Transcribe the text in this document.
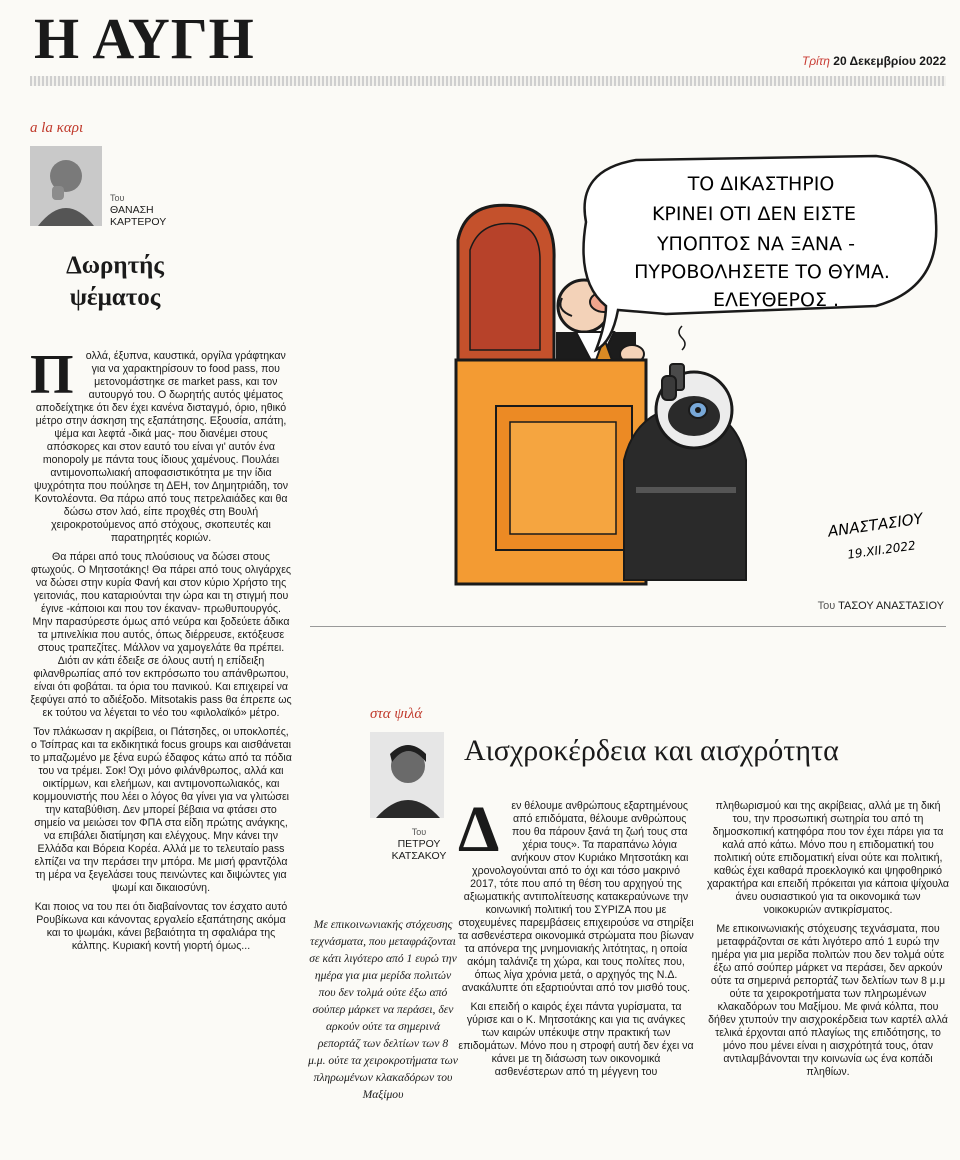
Η ΑΥΓΗ	Τρίτη 20 Δεκεμβρίου 2022
a la καρι
Του
ΘΑΝΑΣΗ
ΚΑΡΤΕΡΟΥ
Δωρητής
ψέματος

Π ολλά, έξυπνα, καυστικά, οργίλα γράφτηκαν για να χαρακτηρίσουν το food pass, που μετονομάστηκε σε market pass, και τον αυτουργό του. Ο δωρητής αυτός ψέματος αποδείχτηκε ότι δεν έχει κανένα δισταγμό, όριο, ηθικό μέτρο στην άσκηση της εξαπάτησης. Εξουσία, απάτη, ψέμα και λεφτά -δικά μας- που διανέμει στους απόσκορες και στον εαυτό του είναι γι' αυτόν ένα monopoly με πάντα τους ίδιους χαμένους. Πουλάει αντιμονοπωλιακή αποφασιστικότητα με την ίδια ψυχρότητα που πούλησε τη ΔΕΗ, τον Δημητριάδη, τον Κοντολέοντα. Θα πάρω από τους πετρελαιάδες και θα δώσω στον λαό, είπε προχθές στη Βουλή χειροκροτούμενος από στόχους, σκοπευτές και παρατηρητές κοριών.

Θα πάρει από τους πλούσιους να δώσει στους φτωχούς. Ο Μητσοτάκης! Θα πάρει από τους ολιγάρχες να δώσει στην κυρία Φανή και στον κύριο Χρήστο της γειτονιάς, που καταριούνται την ώρα και τη στιγμή που έγινε -κάποιοι και που τον έκαναν- πρωθυπουργός. Μην παρασύρεστε όμως από νεύρα και ξοδεύετε άδικα τα μπινελίκια που αυτός, όπως διέρρευσε, εκτόξευσε στους τραπεζίτες. Μάλλον να χαμογελάτε θα πρέπει. Διότι αν κάτι έδειξε σε όλους αυτή η επίδειξη φιλανθρωπίας από τον εκπρόσωπο του απάνθρωπου, είναι ότι φοβάται. τα όρια του πανικού. Και επιχειρεί να ξεφύγει από το αδιέξοδο. Mitsotakis pass θα έπρεπε ως εκ τούτου να λέγεται το νέο του «φιλολαϊκό» μέτρο.

Τον πλάκωσαν η ακρίβεια, οι Πάτσηδες, οι υποκλοπές, ο Τσίπρας και τα εκδικητικά focus groups και αισθάνεται το μπαζωμένο με ξένα ευρώ έδαφος κάτω από τα πόδια του να τρέμει. Σοκ! Όχι μόνο φιλάνθρωπος, αλλά και οικτίρμων, και ελεήμων, και αντιμονοπωλιακός, και κομμουνιστής που λέει ο λόγος θα γίνει για να γλιτώσει την καταβύθιση. Δεν μπορεί βέβαια να φτάσει στο σημείο να μειώσει τον ΦΠΑ στα είδη πρώτης ανάγκης, να επιβάλει διατίμηση και ελέγχους. Μην κάνει την Ελλάδα και Βόρεια Κορέα. Αλλά με το τελευταίο pass ελπίζει να την περάσει την μπόρα. Με μισή φραντζόλα τη μέρα να ξεγελάσει τους πεινώντες και διψώντες για ψωμί και δικαιοσύνη.

Και ποιος να του πει ότι διαβαίνοντας τον έσχατο αυτό Ρουβίκωνα και κάνοντας εργαλείο εξαπάτησης ακόμα και το ψωμάκι, κάνει βεβαιότητα τη σφαλιάρα της κάλπης. Κυριακή κοντή γιορτή όμως...

ΤΟ ΔΙΚΑΣΤΗΡΙΟ
ΚΡΙΝΕΙ ΟΤΙ ΔΕΝ ΕΙΣΤΕ
ΥΠΟΠΤΟΣ ΝΑ ΞΑΝΑ -
ΠΥΡΟΒΟΛΗΣΕΤΕ ΤΟ ΘΥΜΑ.
ΕΛΕΥΘΕΡΟΣ .
ΑΝΑΣΤΑΣΙΟΥ
19.ΧΙΙ.2022
Του ΤΑΣΟΥ ΑΝΑΣΤΑΣΙΟΥ
στα ψιλά
Του
ΠΕΤΡΟΥ
ΚΑΤΣΑΚΟΥ
Αισχροκέρδεια και αισχρότητα
Με επικοινωνιακής στόχευσης τεχνάσματα, που μεταφράζονται σε κάτι λιγότερο από 1 ευρώ την ημέρα για μια μερίδα πολιτών που δεν τολμά ούτε έξω από σούπερ μάρκετ να περάσει, δεν αρκούν ούτε τα σημερινά ρεπορτάζ των δελτίων των 8 μ.μ. ούτε τα χειροκροτήματα των πληρωμένων κλακαδόρων του Μαξίμου

Δ εν θέλουμε ανθρώπους εξαρτημένους από επιδόματα, θέλουμε ανθρώπους που θα πάρουν ξανά τη ζωή τους στα χέρια τους». Τα παραπάνω λόγια ανήκουν στον Κυριάκο Μητσοτάκη και χρονολογούνται από το όχι και τόσο μακρινό 2017, τότε που από τη θέση του αρχηγού της αξιωματικής αντιπολίτευσης κατακεραύνωνε την κοινωνική πολιτική του ΣΥΡΙΖΑ που με στοχευμένες παρεμβάσεις επιχειρούσε να στηρίξει τα ασθενέστερα οικονομικά στρώματα που βίωναν τα απόνερα της μνημονιακής λιτότητας, η οποία ακόμη ταλάνιζε τη χώρα, και τους πολίτες που, όπως λίγα χρόνια μετά, ο αρχηγός της Ν.Δ. ανακάλυπτε ότι εξαρτιούνται από τον μισθό τους.

Και επειδή ο καιρός έχει πάντα γυρίσματα, τα γύρισε και ο Κ. Μητσοτάκης και για τις ανάγκες των καιρών υπέκυψε στην πρακτική των επιδομάτων. Μόνο που η στροφή αυτή δεν έχει να κάνει με τη διάσωση των οικονομικά ασθενέστερων από τη μέγγενη του

πληθωρισμού και της ακρίβειας, αλλά με τη δική του, την προσωπική σωτηρία του από τη δημοσκοπική κατηφόρα που τον έχει πάρει για τα καλά από κάτω. Μόνο που η επιδοματική του πολιτική ούτε επιδοματική είναι ούτε και πολιτική, καθώς έχει καθαρά προεκλογικό και ψηφοθηρικό χαρακτήρα και επειδή πρόκειται για κάποια ψίχουλα άνευ ουσιαστικού για τα οικονομικά των νοικοκυριών αντικρίσματος.

Με επικοινωνιακής στόχευσης τεχνάσματα, που μεταφράζονται σε κάτι λιγότερο από 1 ευρώ την ημέρα για μια μερίδα πολιτών που δεν τολμά ούτε έξω από σούπερ μάρκετ να περάσει, δεν αρκούν ούτε τα σημερινά ρεπορτάζ των δελτίων των 8 μ.μ ούτε τα χειροκροτήματα των πληρωμένων κλακαδόρων του Μαξίμου. Με φινά κόλπα, που δήθεν χτυπούν την αισχροκέρδεια των καρτέλ αλλά τελικά έρχονται από πλαγίως της επιδότησης, το μόνο που μένει είναι η αισχρότητά τους, όταν αντιλαμβάνονται την κοινωνία ως ένα κοπάδι πληθίων.
